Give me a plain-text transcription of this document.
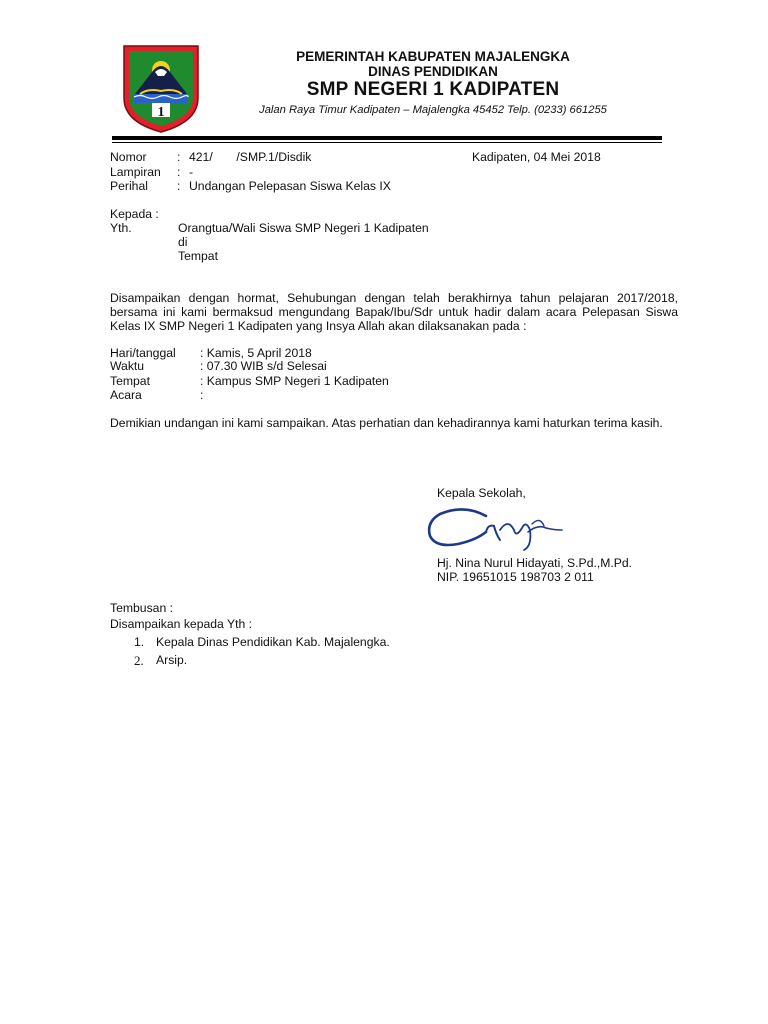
1
PEMERINTAH KABUPATEN MAJALENGKA
DINAS PENDIDIKAN
SMP NEGERI 1 KADIPATEN
Jalan Raya Timur Kadipaten – Majalengka 45452 Telp. (0233) 661255
Nomor : 421/       /SMP.1/Disdik	Kadipaten, 04 Mei 2018
Lampiran : -
Perihal : Undangan Pelepasan Siswa Kelas IX
Kepada :
Yth.	Orangtua/Wali Siswa SMP Negeri 1 Kadipaten
di
Tempat
Disampaikan dengan hormat, Sehubungan dengan telah berakhirnya tahun pelajaran 2017/2018,
bersama ini kami bermaksud mengundang Bapak/Ibu/Sdr untuk hadir dalam acara Pelepasan Siswa
Kelas IX SMP Negeri 1 Kadipaten yang Insya Allah akan dilaksanakan pada :
Hari/tanggal : Kamis, 5 April 2018
Waktu	: 07.30 WIB s/d Selesai
Tempat	: Kampus SMP Negeri 1 Kadipaten
Acara	:
Demikian undangan ini kami sampaikan. Atas perhatian dan kehadirannya kami haturkan terima kasih.
Kepala Sekolah,
Hj. Nina Nurul Hidayati, S.Pd.,M.Pd.
NIP. 19651015 198703 2 011
Tembusan :
Disampaikan kepada Yth :
1. Kepala Dinas Pendidikan Kab. Majalengka.
2. Arsip.
